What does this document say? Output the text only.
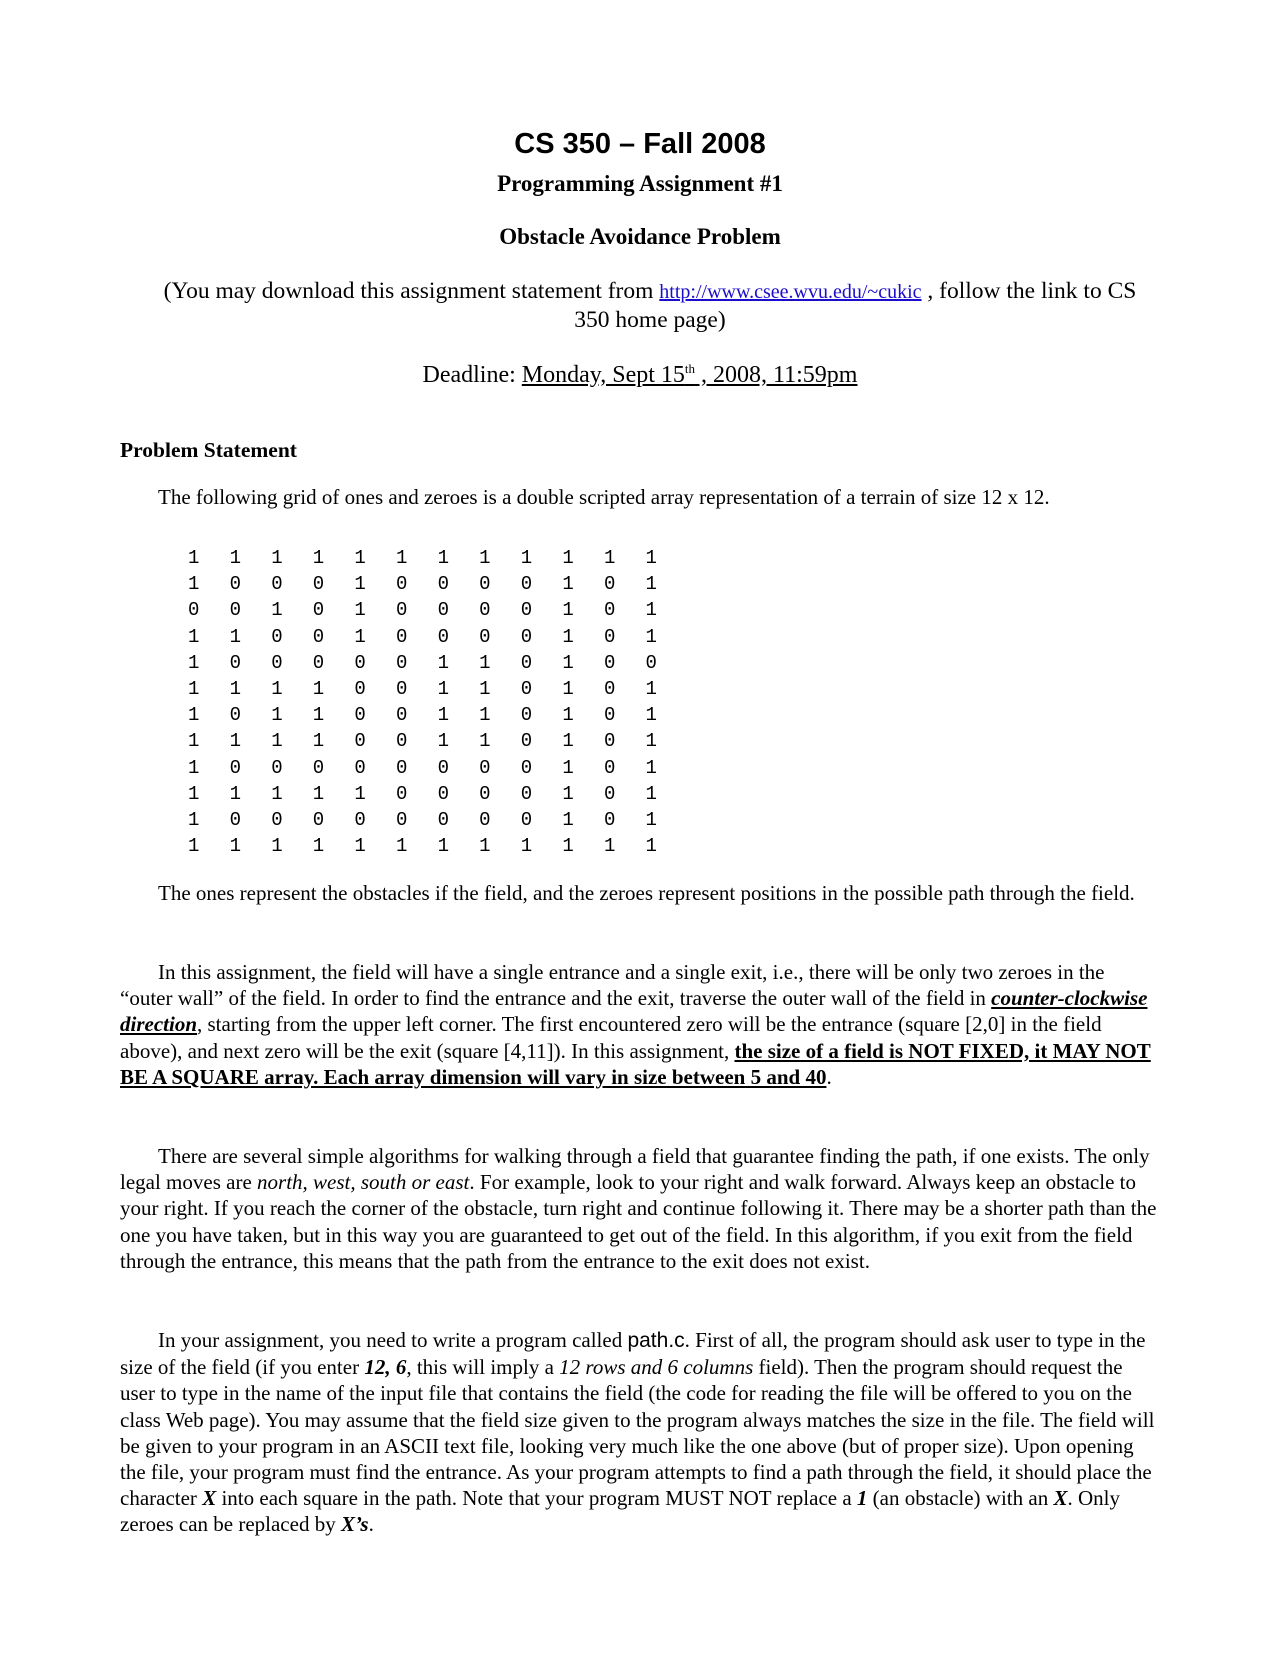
CS 350 – Fall 2008
Programming Assignment #1
Obstacle Avoidance Problem
(You may download this assignment statement from http://www.csee.wvu.edu/~cukic , follow the link to CS 350 home page)
Deadline: Monday, Sept 15th , 2008, 11:59pm
Problem Statement
The following grid of ones and zeroes is a double scripted array representation of a terrain of size 12 x 12.
1	1	1	1	1	1	1	1	1	1	1	1
1	0	0	0	1	0	0	0	0	1	0	1
0	0	1	0	1	0	0	0	0	1	0	1
1	1	0	0	1	0	0	0	0	1	0	1
1	0	0	0	0	0	1	1	0	1	0	0
1	1	1	1	0	0	1	1	0	1	0	1
1	0	1	1	0	0	1	1	0	1	0	1
1	1	1	1	0	0	1	1	0	1	0	1
1	0	0	0	0	0	0	0	0	1	0	1
1	1	1	1	1	0	0	0	0	1	0	1
1	0	0	0	0	0	0	0	0	1	0	1
1	1	1	1	1	1	1	1	1	1	1	1
The ones represent the obstacles if the field, and the zeroes represent positions in the possible path through the field.
In this assignment, the field will have a single entrance and a single exit, i.e., there will be only two zeroes in the “outer wall” of the field. In order to find the entrance and the exit, traverse the outer wall of the field in counter-clockwise direction, starting from the upper left corner. The first encountered zero will be the entrance (square [2,0] in the field above), and next zero will be the exit (square [4,11]). In this assignment, the size of a field is NOT FIXED, it MAY NOT BE A SQUARE array. Each array dimension will vary in size between 5 and 40.
There are several simple algorithms for walking through a field that guarantee finding the path, if one exists. The only legal moves are north, west, south or east. For example, look to your right and walk forward. Always keep an obstacle to your right. If you reach the corner of the obstacle, turn right and continue following it. There may be a shorter path than the one you have taken, but in this way you are guaranteed to get out of the field. In this algorithm, if you exit from the field through the entrance, this means that the path from the entrance to the exit does not exist.
In your assignment, you need to write a program called path.c. First of all, the program should ask user to type in the size of the field (if you enter 12, 6, this will imply a 12 rows and 6 columns field). Then the program should request the user to type in the name of the input file that contains the field (the code for reading the file will be offered to you on the class Web page). You may assume that the field size given to the program always matches the size in the file. The field will be given to your program in an ASCII text file, looking very much like the one above (but of proper size). Upon opening the file, your program must find the entrance. As your program attempts to find a path through the field, it should place the character X into each square in the path. Note that your program MUST NOT replace a 1 (an obstacle) with an X. Only zeroes can be replaced by X’s.
